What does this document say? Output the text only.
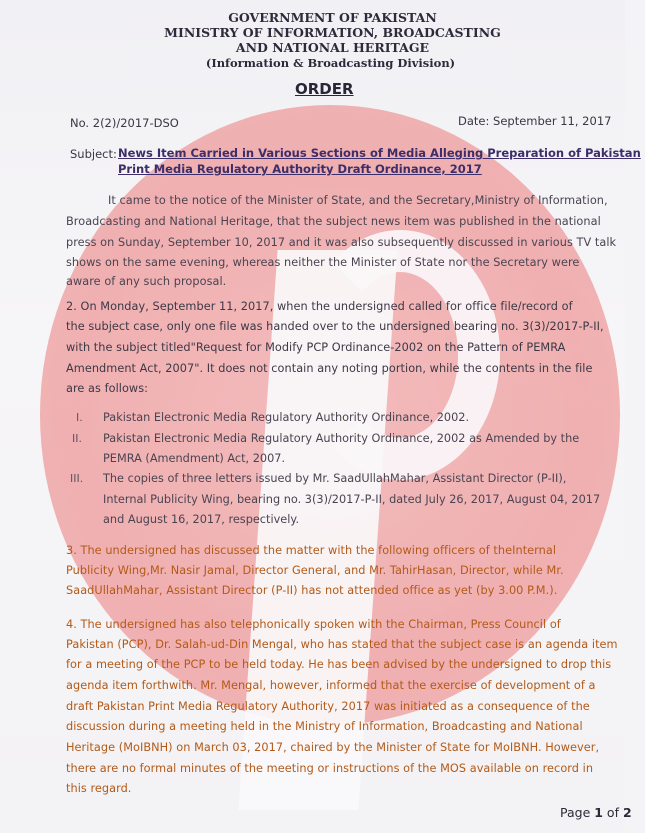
GOVERNMENT OF PAKISTAN
MINISTRY OF INFORMATION, BROADCASTING
AND NATIONAL HERITAGE
(Information & Broadcasting Division)
ORDER
No. 2(2)/2017-DSO	Date: September 11, 2017
Subject: News Item Carried in Various Sections of Media Alleging Preparation of Pakistan
Print Media Regulatory Authority Draft Ordinance, 2017
It came to the notice of the Minister of State, and the Secretary,Ministry of Information,
Broadcasting and National Heritage, that the subject news item was published in the national
press on Sunday, September 10, 2017 and it was also subsequently discussed in various TV talk
shows on the same evening, whereas neither the Minister of State nor the Secretary were
aware of any such proposal.
2. On Monday, September 11, 2017, when the undersigned called for office file/record of
the subject case, only one file was handed over to the undersigned bearing no. 3(3)/2017-P-II,
with the subject titled"Request for Modify PCP Ordinance-2002 on the Pattern of PEMRA
Amendment Act, 2007". It does not contain any noting portion, while the contents in the file
are as follows:
I. Pakistan Electronic Media Regulatory Authority Ordinance, 2002.
II. Pakistan Electronic Media Regulatory Authority Ordinance, 2002 as Amended by the
PEMRA (Amendment) Act, 2007.
III. The copies of three letters issued by Mr. SaadUllahMahar, Assistant Director (P-II),
Internal Publicity Wing, bearing no. 3(3)/2017-P-II, dated July 26, 2017, August 04, 2017
and August 16, 2017, respectively.
3. The undersigned has discussed the matter with the following officers of theInternal
Publicity Wing,Mr. Nasir Jamal, Director General, and Mr. TahirHasan, Director, while Mr.
SaadUllahMahar, Assistant Director (P-II) has not attended office as yet (by 3.00 P.M.).
4. The undersigned has also telephonically spoken with the Chairman, Press Council of
Pakistan (PCP), Dr. Salah-ud-Din Mengal, who has stated that the subject case is an agenda item
for a meeting of the PCP to be held today. He has been advised by the undersigned to drop this
agenda item forthwith. Mr. Mengal, however, informed that the exercise of development of a
draft Pakistan Print Media Regulatory Authority, 2017 was initiated as a consequence of the
discussion during a meeting held in the Ministry of Information, Broadcasting and National
Heritage (MoIBNH) on March 03, 2017, chaired by the Minister of State for MoIBNH. However,
there are no formal minutes of the meeting or instructions of the MOS available on record in
this regard.
Page 1 of 2
